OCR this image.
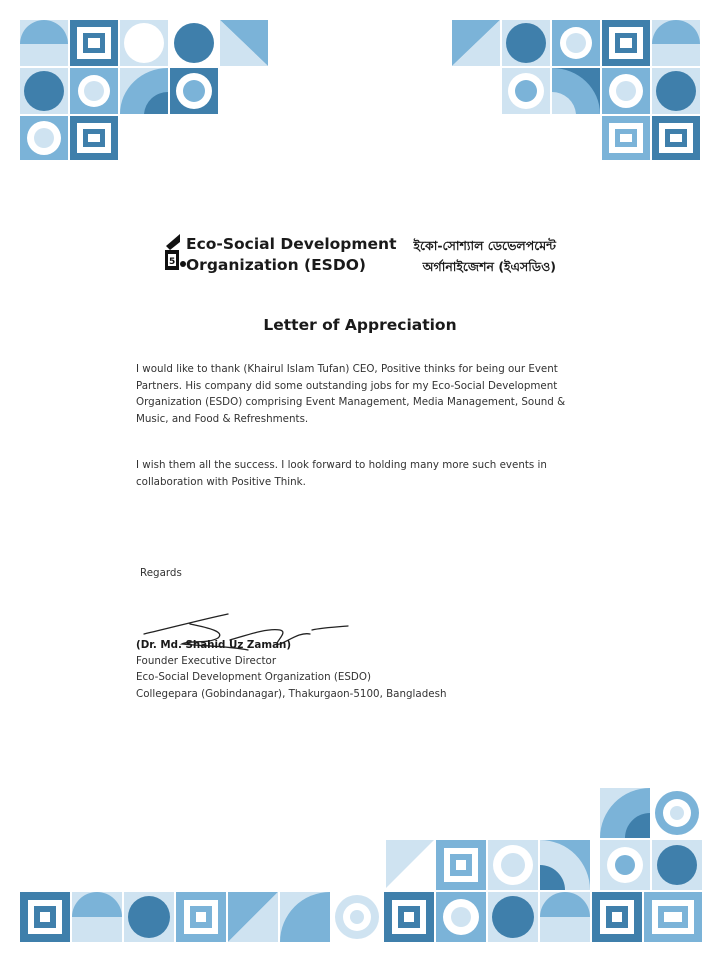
5
Eco-Social Development
Organization (ESDO)
ইকো-সোশ্যাল ডেভেলপমেন্ট
অর্গানাইজেশন (ইএসডিও)
Letter of Appreciation
I would like to thank (Khairul Islam Tufan) CEO, Positive thinks for being our Event Partners. His company did some outstanding jobs for my Eco-Social Development Organization (ESDO) comprising Event Management, Media Management, Sound & Music, and Food & Refreshments.
I wish them all the success. I look forward to holding many more such events in collaboration with Positive Think.
Regards
(Dr. Md. Shahid Uz Zaman)
Founder Executive Director
Eco-Social Development Organization (ESDO)
Collegepara (Gobindanagar), Thakurgaon-5100, Bangladesh
